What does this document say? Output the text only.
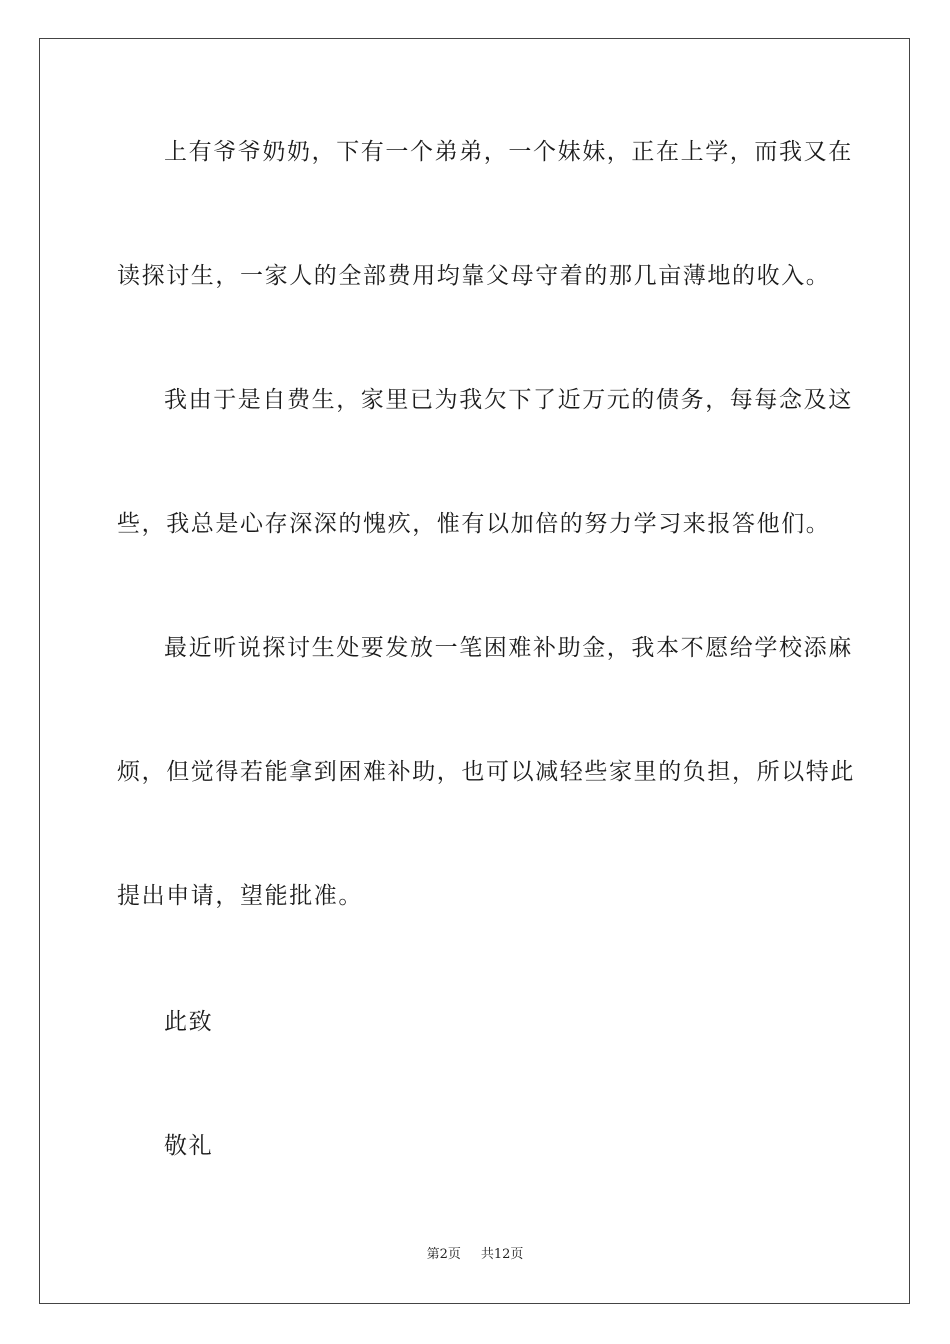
上有爷爷奶奶，下有一个弟弟，一个妹妹，正在上学，而我又在
读探讨生，一家人的全部费用均靠父母守着的那几亩薄地的收入。
我由于是自费生，家里已为我欠下了近万元的债务，每每念及这
些，我总是心存深深的愧疚，惟有以加倍的努力学习来报答他们。
最近听说探讨生处要发放一笔困难补助金，我本不愿给学校添麻
烦，但觉得若能拿到困难补助，也可以减轻些家里的负担，所以特此
提出申请，望能批准。
此致
敬礼
第2页 共12页
